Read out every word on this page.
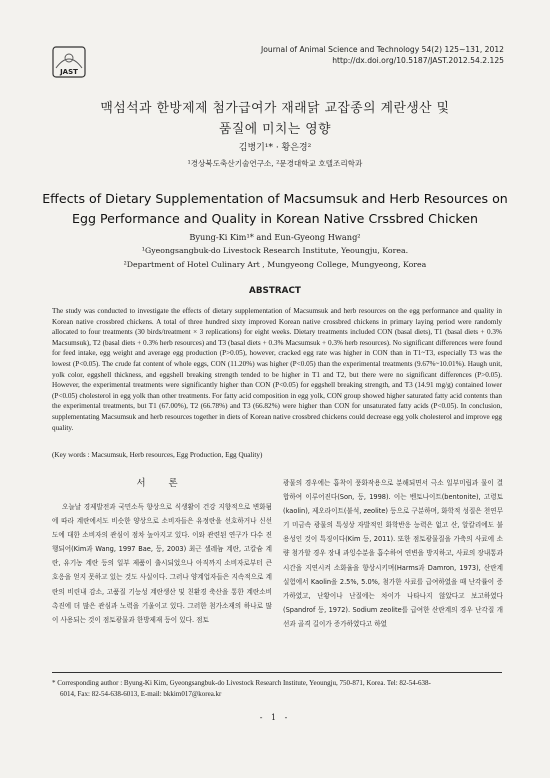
JAST
Journal of Animal Science and Technology 54(2) 125~131, 2012
http://dx.doi.org/10.5187/JAST.2012.54.2.125
맥섬석과 한방제제 첨가급여가 재래닭 교잡종의 계란생산 및
품질에 미치는 영향
김병기¹* · 황은경²
¹경상북도축산기술연구소, ²문경대학교 호텔조리학과
Effects of Dietary Supplementation of Macsumsuk and Herb Resources on
Egg Performance and Quality in Korean Native Crssbred Chicken
Byung-Ki Kim¹* and Eun-Gyeong Hwang²
¹Gyeongsangbuk-do Livestock Research Institute, Yeoungju, Korea.
²Department of Hotel Culinary Art , Mungyeong College, Mungyeong, Korea
ABSTRACT
The study was conducted to investigate the effects of dietary supplementation of Macsumsuk and herb resources on the egg performance and quality in Korean native crossbred chickens. A total of three hundred sixty improved Korean native crossbred chickens in primary laying period were randomly allocated to four treatments (30 birds/treatment × 3 replications) for eight weeks. Dietary treatments included CON (basal diets), T1 (basal diets + 0.3% Macsumsuk), T2 (basal diets + 0.3% herb resources) and T3 (basal diets + 0.3% Macsumsuk + 0.3% herb resources). No significant differences were found for feed intake, egg weight and average egg production (P>0.05), however, cracked egg rate was higher in CON than in T1~T3, especially T3 was the lowest (P<0.05). The crude fat content of whole eggs, CON (11.20%) was higher (P<0.05) than the experimental treatments (9.67%~10.01%). Haugh unit, yolk color, eggshell thickness, and eggshell breaking strength tended to be higher in T1 and T2, but there were no significant differences (P>0.05). However, the experimental treatments were significantly higher than CON (P<0.05) for eggshell breaking strength, and T3 (14.91 mg/g) contained lower (P<0.05) cholesterol in egg yolk than other treatments. For fatty acid composition in egg yolk, CON group showed higher saturated fatty acid contents than the experimental treatments, but T1 (67.00%), T2 (66.78%) and T3 (66.82%) were higher than CON for unsaturated fatty acids (P<0.05). In conclusion, supplementating Macsumsuk and herb resources together in diets of Korean native crossbred chickens could decrease egg yolk cholesterol and improve egg quality.
(Key words : Macsumsuk, Herb resources, Egg Production, Egg Quality)
서 론

오늘날 경제발전과 국민소득 향상으로 식생활이 건강 지향적으로 변화됨에 따라 계란에서도 비슷한 양상으로 소비자들은 유정란을 선호하거나 신선도에 대한 소비자의 관심이 점차 높아지고 있다. 이와 관련된 연구가 다수 진행되어(Kim과 Wang, 1997 Bae, 등, 2003) 최근 셀레늄 계란, 고칼슘 계란, 유기농 계란 등의 일부 제품이 출시되었으나 아직까지 소비자로부터 큰 호응을 얻지 못하고 있는 것도 사실이다. 그러나 양계업자들은 지속적으로 계란의 비린내 감소, 고품질 기능성 계란생산 및 친환경 축산을 통한 계란소비 촉진에 더 많은 관심과 노력을 기울이고 있다. 그러한 첨가소재의 하나로 많이 사용되는 것이 점토광물과 한방제재 등이 있다. 점토

광물의 경우에는 흡착이 풍화작용으로 분해되면서 극소 일부미립과 물이 결합하여 이루어진다(Son, 등, 1998). 이는 벤토나이트(bentonite), 고령토(kaolin), 제오라이트(불석, zeolite) 등으로 구분하며, 화학적 성질은 천연무기 미금속 광물의 특성상 자발적인 화학반응 능력은 없고 산, 알칼리에도 불용성인 것이 특징이다(Kim 등, 2011). 또한 점토광물질을 가축의 사료에 소량 첨가할 경우 장내 과잉수분을 흡수하여 연변을 방지하고, 사료의 장내통과시간을 지연시켜 소화율을 향상시키며(Harms과 Damron, 1973), 산란계 실험에서 Kaolin을 2.5%, 5.0%, 첨가한 사료를 급여하였을 때 난각률이 증가하였고, 난황이나 난질에는 차이가 나타나지 않았다고 보고하였다(Spandrof 등, 1972). Sodium zeolite를 급여한 산란계의 경우 난각질 개선과 골격 길이가 증가하였다고 하였

* Corresponding author : Byung-Ki Kim, Gyeongsangbuk-do Livestock Research Institute, Yeoungju, 750-871, Korea. Tel: 82-54-638-
6014, Fax: 82-54-638-6013, E-mail: bkkim017@korea.kr
- 1 -
